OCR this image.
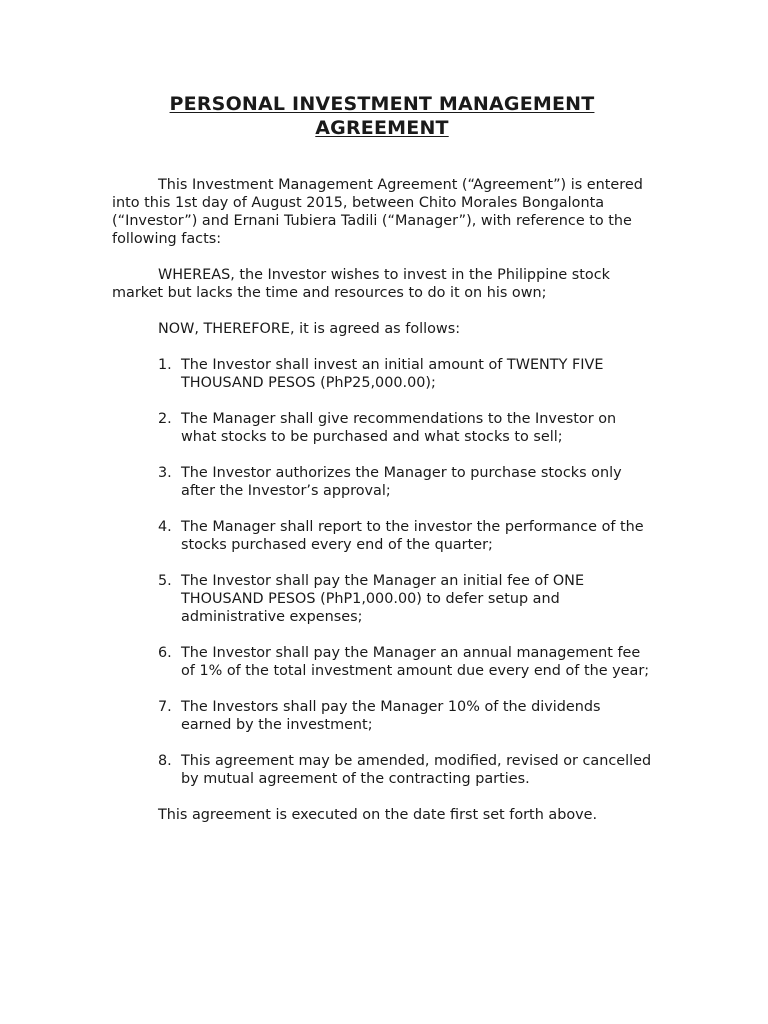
PERSONAL INVESTMENT MANAGEMENT
AGREEMENT

This Investment Management Agreement (“Agreement”) is entered into this 1st day of August 2015, between Chito Morales Bongalonta (“Investor”) and Ernani Tubiera Tadili (“Manager”), with reference to the following facts:

WHEREAS, the Investor wishes to invest in the Philippine stock market but lacks the time and resources to do it on his own;

NOW, THEREFORE, it is agreed as follows:

1. The Investor shall invest an initial amount of TWENTY FIVE THOUSAND PESOS (PhP25,000.00);
2. The Manager shall give recommendations to the Investor on what stocks to be purchased and what stocks to sell;
3. The Investor authorizes the Manager to purchase stocks only after the Investor’s approval;
4. The Manager shall report to the investor the performance of the stocks purchased every end of the quarter;
5. The Investor shall pay the Manager an initial fee of ONE THOUSAND PESOS (PhP1,000.00) to defer setup and administrative expenses;
6. The Investor shall pay the Manager an annual management fee of 1% of the total investment amount due every end of the year;
7. The Investors shall pay the Manager 10% of the dividends earned by the investment;
8. This agreement may be amended, modified, revised or cancelled by mutual agreement of the contracting parties.

This agreement is executed on the date first set forth above.
